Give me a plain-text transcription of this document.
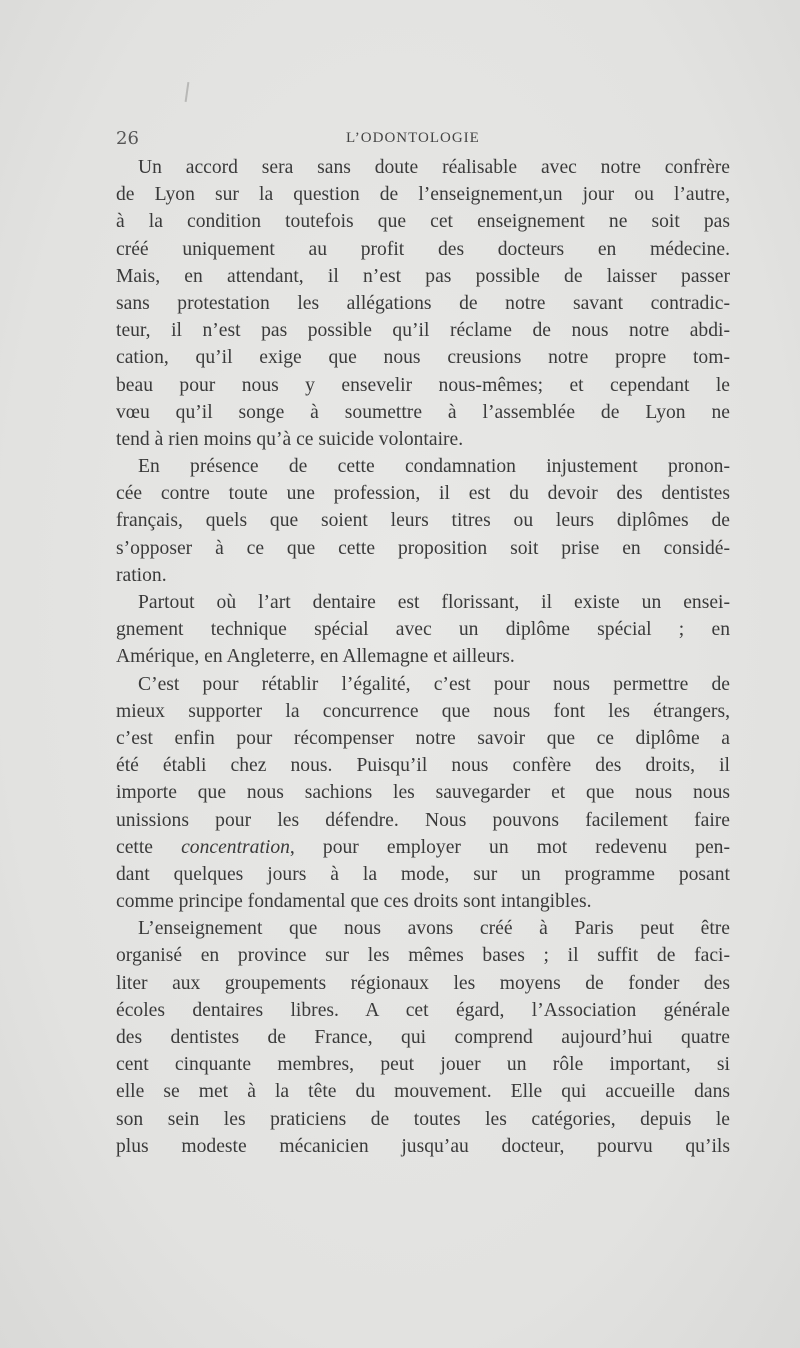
26	L’ODONTOLOGIE
Un accord sera sans doute réalisable avec notre confrère
de Lyon sur la question de l’enseignement,un jour ou l’autre,
à la condition toutefois que cet enseignement ne soit pas
créé uniquement au profit des docteurs en médecine.
Mais, en attendant, il n’est pas possible de laisser passer
sans protestation les allégations de notre savant contradic-
teur, il n’est pas possible qu’il réclame de nous notre abdi-
cation, qu’il exige que nous creusions notre propre tom-
beau pour nous y ensevelir nous-mêmes; et cependant le
vœu qu’il songe à soumettre à l’assemblée de Lyon ne
tend à rien moins qu’à ce suicide volontaire.
En présence de cette condamnation injustement pronon-
cée contre toute une profession, il est du devoir des dentistes
français, quels que soient leurs titres ou leurs diplômes de
s’opposer à ce que cette proposition soit prise en considé-
ration.
Partout où l’art dentaire est florissant, il existe un ensei-
gnement technique spécial avec un diplôme spécial ; en
Amérique, en Angleterre, en Allemagne et ailleurs.
C’est pour rétablir l’égalité, c’est pour nous permettre de
mieux supporter la concurrence que nous font les étrangers,
c’est enfin pour récompenser notre savoir que ce diplôme a
été établi chez nous. Puisqu’il nous confère des droits, il
importe que nous sachions les sauvegarder et que nous nous
unissions pour les défendre. Nous pouvons facilement faire
cette concentration, pour employer un mot redevenu pen-
dant quelques jours à la mode, sur un programme posant
comme principe fondamental que ces droits sont intangibles.
L’enseignement que nous avons créé à Paris peut être
organisé en province sur les mêmes bases ; il suffit de faci-
liter aux groupements régionaux les moyens de fonder des
écoles dentaires libres. A cet égard, l’Association générale
des dentistes de France, qui comprend aujourd’hui quatre
cent cinquante membres, peut jouer un rôle important, si
elle se met à la tête du mouvement. Elle qui accueille dans
son sein les praticiens de toutes les catégories, depuis le
plus modeste mécanicien jusqu’au docteur, pourvu qu’ils
